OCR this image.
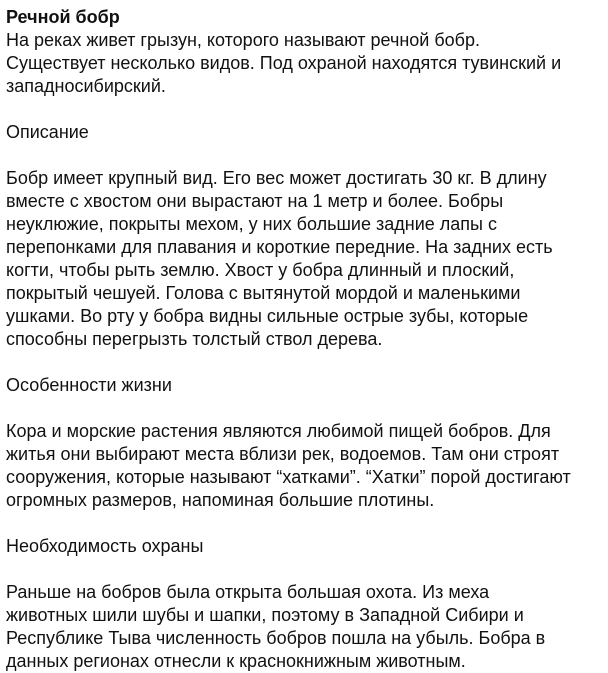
Речной бобр

На реках живет грызун, которого называют речной бобр.
Существует несколько видов. Под охраной находятся тувинский и
западносибирский.

Описание

Бобр имеет крупный вид. Его вес может достигать 30 кг. В длину
вместе с хвостом они вырастают на 1 метр и более. Бобры
неуклюжие, покрыты мехом, у них большие задние лапы с
перепонками для плавания и короткие передние. На задних есть
когти, чтобы рыть землю. Хвост у бобра длинный и плоский,
покрытый чешуей. Голова с вытянутой мордой и маленькими
ушками. Во рту у бобра видны сильные острые зубы, которые
способны перегрызть толстый ствол дерева.

Особенности жизни

Кора и морские растения являются любимой пищей бобров. Для
житья они выбирают места вблизи рек, водоемов. Там они строят
сооружения, которые называют “хатками”. “Хатки” порой достигают
огромных размеров, напоминая большие плотины.

Необходимость охраны

Раньше на бобров была открыта большая охота. Из меха
животных шили шубы и шапки, поэтому в Западной Сибири и
Республике Тыва численность бобров пошла на убыль. Бобра в
данных регионах отнесли к краснокнижным животным.
